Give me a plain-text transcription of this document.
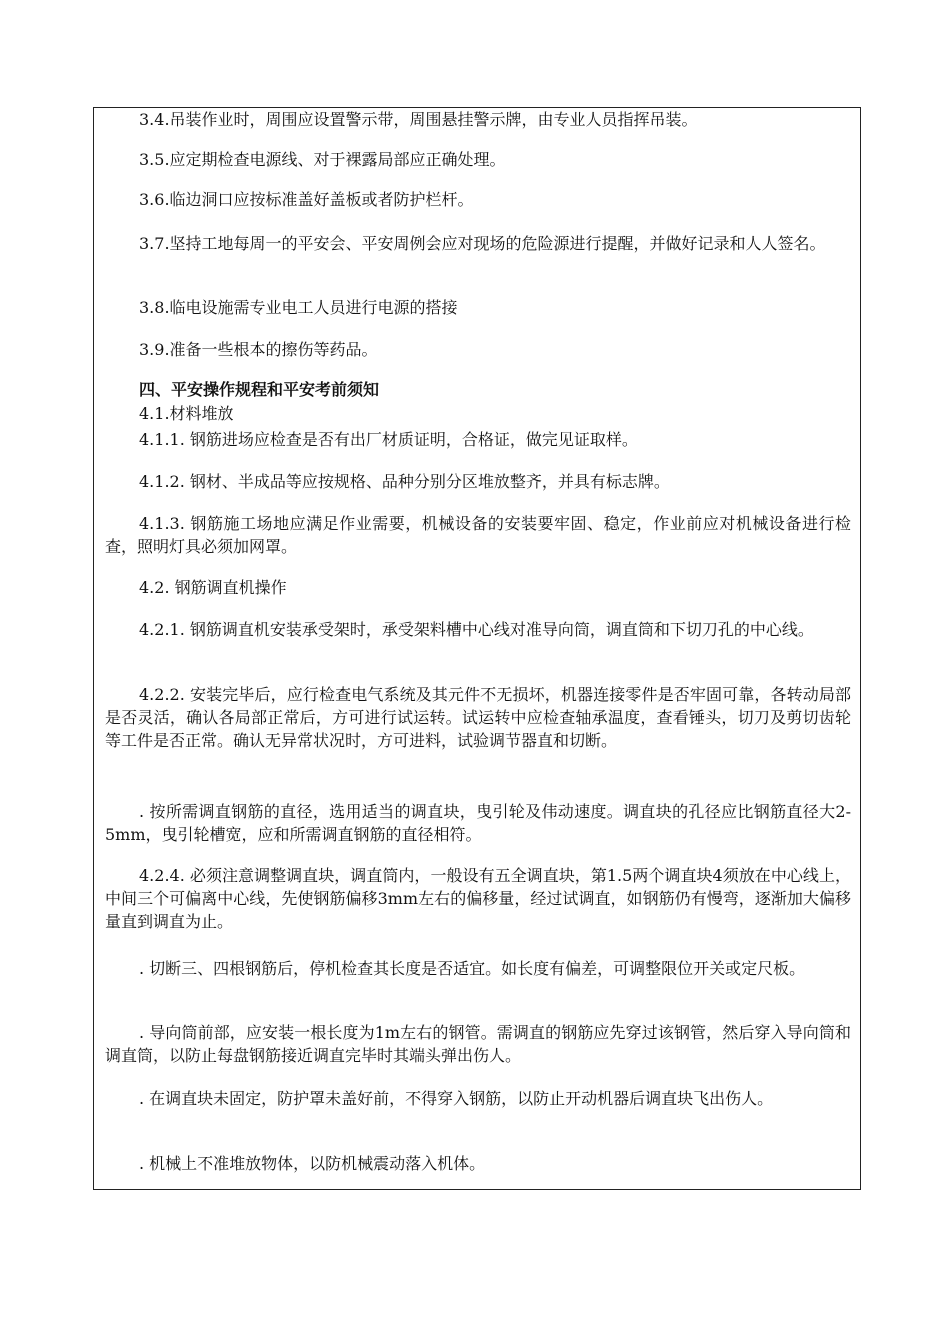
3.4.吊装作业时，周围应设置警示带，周围悬挂警示牌，由专业人员指挥吊装。

3.5.应定期检查电源线、对于裸露局部应正确处理。

3.6.临边洞口应按标准盖好盖板或者防护栏杆。

3.7.坚持工地每周一的平安会、平安周例会应对现场的危险源进行提醒，并做好记录和人人签名。

3.8.临电设施需专业电工人员进行电源的搭接

3.9.准备一些根本的擦伤等药品。

四、平安操作规程和平安考前须知

4.1.材料堆放

4.1.1. 钢筋进场应检查是否有出厂材质证明，合格证，做完见证取样。

4.1.2. 钢材、半成品等应按规格、品种分别分区堆放整齐，并具有标志牌。

4.1.3. 钢筋施工场地应满足作业需要，机械设备的安装要牢固、稳定，作业前应对机械设备进行检查，照明灯具必须加网罩。

4.2. 钢筋调直机操作

4.2.1. 钢筋调直机安装承受架时，承受架料槽中心线对准导向筒，调直筒和下切刀孔的中心线。

4.2.2. 安装完毕后，应行检查电气系统及其元件不无损坏，机器连接零件是否牢固可靠，各转动局部是否灵活，确认各局部正常后，方可进行试运转。试运转中应检查轴承温度，查看锤头，切刀及剪切齿轮等工件是否正常。确认无异常状况时，方可进料，试验调节器直和切断。

. 按所需调直钢筋的直径，选用适当的调直块，曳引轮及伟动速度。调直块的孔径应比钢筋直径大2-5mm，曳引轮槽宽，应和所需调直钢筋的直径相符。

4.2.4. 必须注意调整调直块，调直筒内，一般设有五全调直块，第1.5两个调直块4须放在中心线上，中间三个可偏离中心线，先使钢筋偏移3mm左右的偏移量，经过试调直，如钢筋仍有慢弯，逐渐加大偏移量直到调直为止。

. 切断三、四根钢筋后，停机检查其长度是否适宜。如长度有偏差，可调整限位开关或定尺板。

. 导向筒前部，应安装一根长度为1m左右的钢管。需调直的钢筋应先穿过该钢管，然后穿入导向筒和调直筒，以防止每盘钢筋接近调直完毕时其端头弹出伤人。

. 在调直块未固定，防护罩未盖好前，不得穿入钢筋，以防止开动机器后调直块飞出伤人。

. 机械上不准堆放物体，以防机械震动落入机体。
